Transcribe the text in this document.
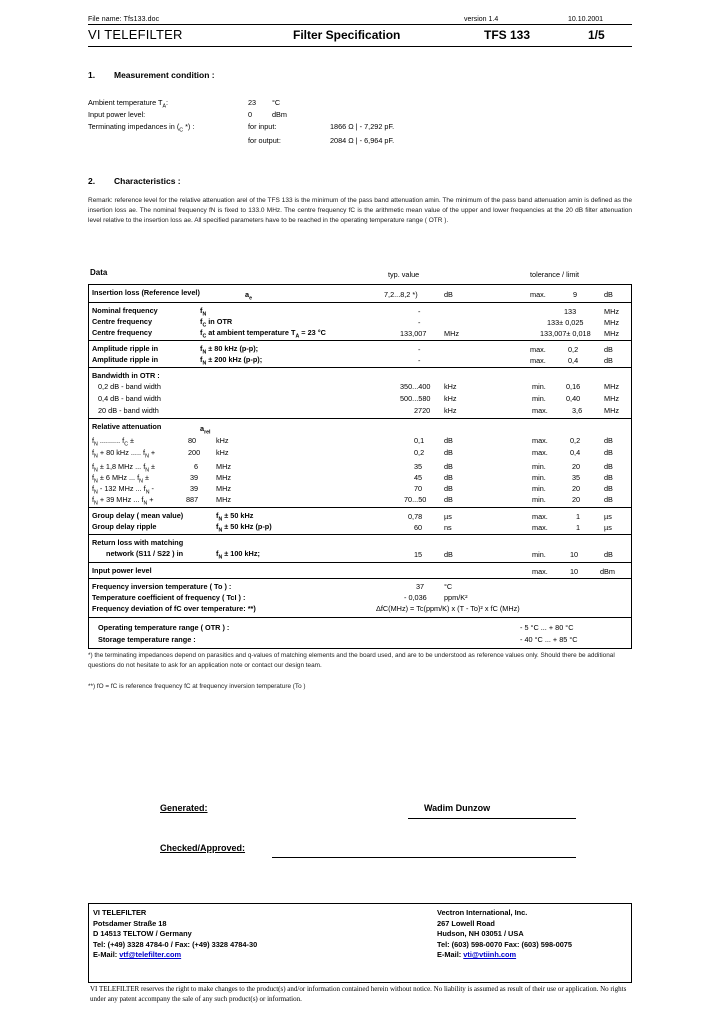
File name: Tfs133.doc	version 1.4	10.10.2001
VI TELEFILTER	Filter Specification	TFS 133	1/5
1. Measurement condition :
Ambient temperature $T_A$:	23 °C
Input power level:	0	dBm
Terminating impedances in ($_C$ *) :	for input:	1866 Ω | - 7,292 pF.
for output:	2084 Ω | - 6,964 pF.
2. Characteristics :
Remark: reference level for the relative attenuation arel of the TFS 133 is the minimum of the pass band attenuation amin. The minimum of the pass band attenuation amin is defined as the insertion loss ae. The nominal frequency fN is fixed to 133.0 MHz. The centre frequency fC is the arithmetic mean value of the upper and lower frequencies at the 20 dB filter attenuation level relative to the insertion loss ae. All specified parameters have to be reached in the operating temperature range ( OTR ).
Data	typ. value	tolerance / limit
Insertion loss (Reference level)	$a_e$	7,2...8,2 *)	dB	max.	9	dB
Nominal frequency	$f_N$	-	133	MHz
Centre frequency	$f_C$ in OTR	-	133± 0,025	MHz
Centre frequency	$f_C$ at ambient temperature $T_A = 23$ °C	133,007 MHz	133,007± 0,018 MHz
Amplitude ripple in	$f_N \pm 80$ kHz (p-p);	-	max.	0,2	dB
Amplitude ripple in	$f_N \pm 200$ kHz (p-p);	-	max.	0,4	dB
Bandwidth in OTR :
0,2 dB - band width	350...400 kHz	min.	0,16	MHz
0,4 dB - band width	500...580 kHz	min.	0,40	MHz
20 dB - band width	2720 kHz	max.	3,6	MHz
Relative attenuation	$a_{rel}$
$f_N$ .......... $f_C$ ±	80	kHz	0,1	dB	max.	0,2	dB
$f_N + 80$ kHz ..... $f_N$ +	200 kHz	0,2	dB	max.	0,4	dB
$f_N \pm 1,8$ MHz ... $f_N$ ±	6 MHz	35	dB	min.	20	dB
$f_N \pm 6$ MHz ... $f_N$ ±	39 MHz	45	dB	min.	35	dB
$f_N - 132$ MHz ... $f_N$ -	39 MHz	70	dB	min.	20	dB
$f_N + 39$ MHz ... $f_N$ +	887 MHz	70...50 dB	min.	20	dB
Group delay ( mean value)	$f_N \pm 50$ kHz	0,78	µs	max.	1	µs
Group delay ripple	$f_N \pm 50$ kHz (p-p)	60	ns	max.	1	µs
Return loss with matching
network (S11 / S22 ) in	$f_N \pm 100$ kHz;	15	dB	min.	10	dB
Input power level	max.	10	dBm
Frequency inversion temperature ( To ) :	37	°C
Temperature coefficient of frequency ( TcI ) :	- 0,036 ppm/K²
Frequency deviation of fC over temperature: **)	ΔfC(MHz) = Tc(ppm/K) x (T - To)² x fC (MHz)
Operating temperature range ( OTR ) :	- 5 °C ... + 80 °C
Storage temperature range :	- 40 °C ... + 85 °C
*) the terminating impedances depend on parasitics and q-values of matching elements and the board used, and are to be understood as reference values only. Should there be additional questions do not hesitate to ask for an application note or contact our design team.
**) fO = fC is reference frequency fC at frequency inversion temperature (To )
Generated:	Wadim Dunzow
Checked/Approved:
VI TELEFILTER
Potsdamer Straße 18
D 14513 TELTOW / Germany
Tel: (+49) 3328 4784-0 / Fax: (+49) 3328 4784-30
E-Mail: vtf@telefilter.com
Vectron International, Inc.
267 Lowell Road
Hudson, NH 03051 / USA
Tel: (603) 598-0070 Fax: (603) 598-0075
E-Mail: vti@vtiinh.com
VI TELEFILTER reserves the right to make changes to the product(s) and/or information contained herein without notice. No liability is assumed as result of their use or application. No rights under any patent accompany the sale of any such product(s) or information.
